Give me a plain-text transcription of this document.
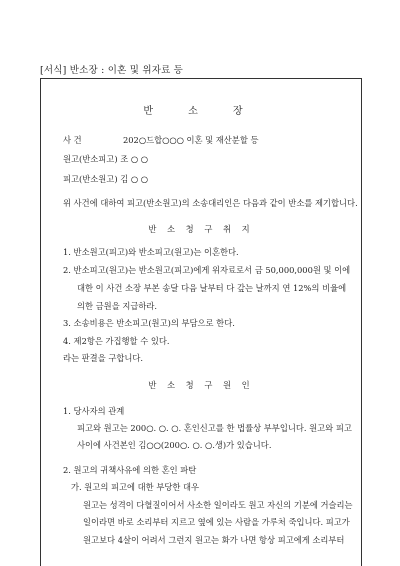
[서식] 반소장 : 이혼 및 위자료 등
반 소 장
사 건	202○드합○○○ 이혼 및 재산분할 등
원고(반소피고) 조 ○ ○
피고(반소원고) 김 ○ ○
위 사건에 대하여 피고(반소원고)의 소송대리인은 다음과 같이 반소를 제기합니다.
반 소 청 구 취 지
1. 반소원고(피고)와 반소피고(원고)는 이혼한다.
2. 반소피고(원고)는 반소원고(피고)에게 위자료로서 금 50,000,000원 및 이에
대한 이 사건 소장 부본 송달 다음 날부터 다 갚는 날까지 연 12%의 비율에
의한 금원을 지급하라.
3. 소송비용은 반소피고(원고)의 부담으로 한다.
4. 제2항은 가집행할 수 있다.
라는 판결을 구합니다.
반 소 청 구 원 인
1. 당사자의 관계
피고와 원고는 200○. ○. ○. 혼인신고를 한 법률상 부부입니다. 원고와 피고
사이에 사건본인 김○○(200○. ○. ○.생)가 있습니다.
2. 원고의 귀책사유에 의한 혼인 파탄
가. 원고의 피고에 대한 부당한 대우
원고는 성격이 다혈질이어서 사소한 일이라도 원고 자신의 기분에 거슬리는
일이라면 바로 소리부터 지르고 옆에 있는 사람을 가루처 죽입니다. 피고가
원고보다 4살이 어려서 그런지 원고는 화가 나면 항상 피고에게 소리부터
